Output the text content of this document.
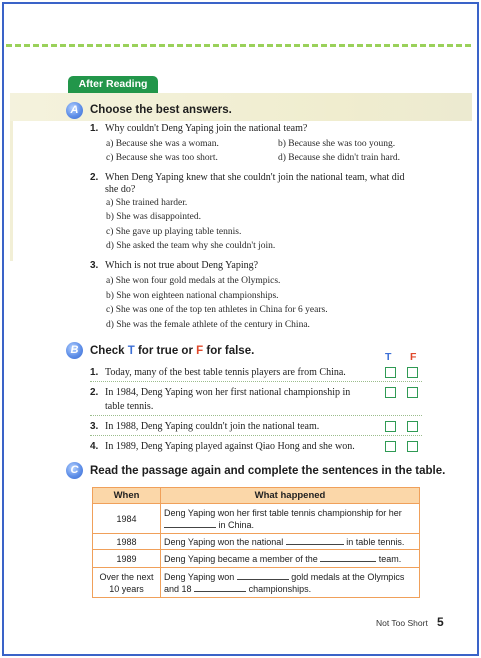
After Reading
A	Choose the best answers.
1. Why couldn't Deng Yaping join the national team?
a) Because she was a woman.	b) Because she was too young.
c) Because she was too short.	d) Because she didn't train hard.
2. When Deng Yaping knew that she couldn't join the national team, what did
she do?
a) She trained harder.
b) She was disappointed.
c) She gave up playing table tennis.
d) She asked the team why she couldn't join.
3. Which is not true about Deng Yaping?
a) She won four gold medals at the Olympics.
b) She won eighteen national championships.
c) She was one of the top ten athletes in China for 6 years.
d) She was the female athlete of the century in China.
B	Check T for true or F for false.	T F
1. Today, many of the best table tennis players are from China.
2. In 1984, Deng Yaping won her first national championship in
table tennis.
3. In 1988, Deng Yaping couldn't join the national team.
4. In 1989, Deng Yaping played against Qiao Hong and she won.
C	Read the passage again and complete the sentences in the table.
When	What happened
1984	Deng Yaping won her first table tennis championship for her
in China.
1988	Deng Yaping won the national in table tennis.
1989	Deng Yaping became a member of the team.
Over the next
10 years	Deng Yaping won gold medals at the Olympics
and 18 championships.
Not Too Short 5
